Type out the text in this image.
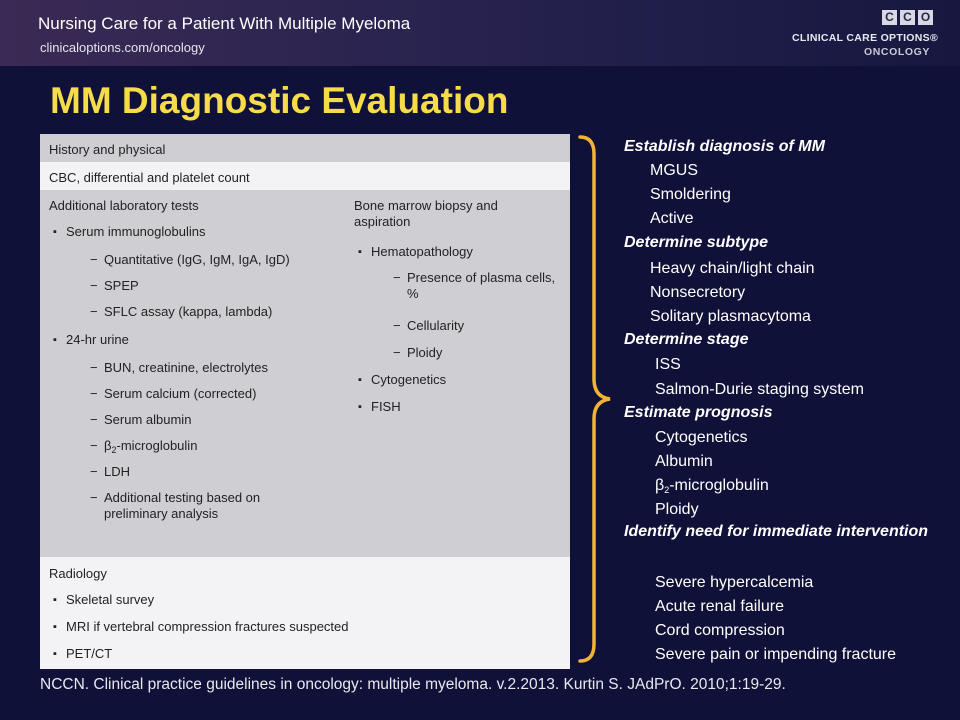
Nursing Care for a Patient With Multiple Myeloma
clinicaloptions.com/oncology
C C O
CLINICAL CARE OPTIONS®
ONCOLOGY
MM Diagnostic Evaluation
History and physical
CBC, differential and platelet count
Additional laboratory tests
▪ Serum immunoglobulins
− Quantitative (IgG, IgM, IgA, IgD)
− SPEP
− SFLC assay (kappa, lambda)
▪ 24-hr urine
− BUN, creatinine, electrolytes
− Serum calcium (corrected)
− Serum albumin
− $\beta_2$-microglobulin
− LDH
− Additional testing based on preliminary analysis
Bone marrow biopsy and aspiration
▪ Hematopathology
− Presence of plasma cells, %
− Cellularity
− Ploidy
▪ Cytogenetics
▪ FISH
Radiology
▪ Skeletal survey
▪ MRI if vertebral compression fractures suspected
▪ PET/CT
Establish diagnosis of MM
MGUS
Smoldering
Active
Determine subtype
Heavy chain/light chain
Nonsecretory
Solitary plasmacytoma
Determine stage
ISS
Salmon-Durie staging system
Estimate prognosis
Cytogenetics
Albumin
$\beta_2$-microglobulin
Ploidy
Identify need for immediate intervention
Severe hypercalcemia
Acute renal failure
Cord compression
Severe pain or impending fracture
NCCN. Clinical practice guidelines in oncology: multiple myeloma. v.2.2013. Kurtin S. JAdPrO. 2010;1:19-29.
